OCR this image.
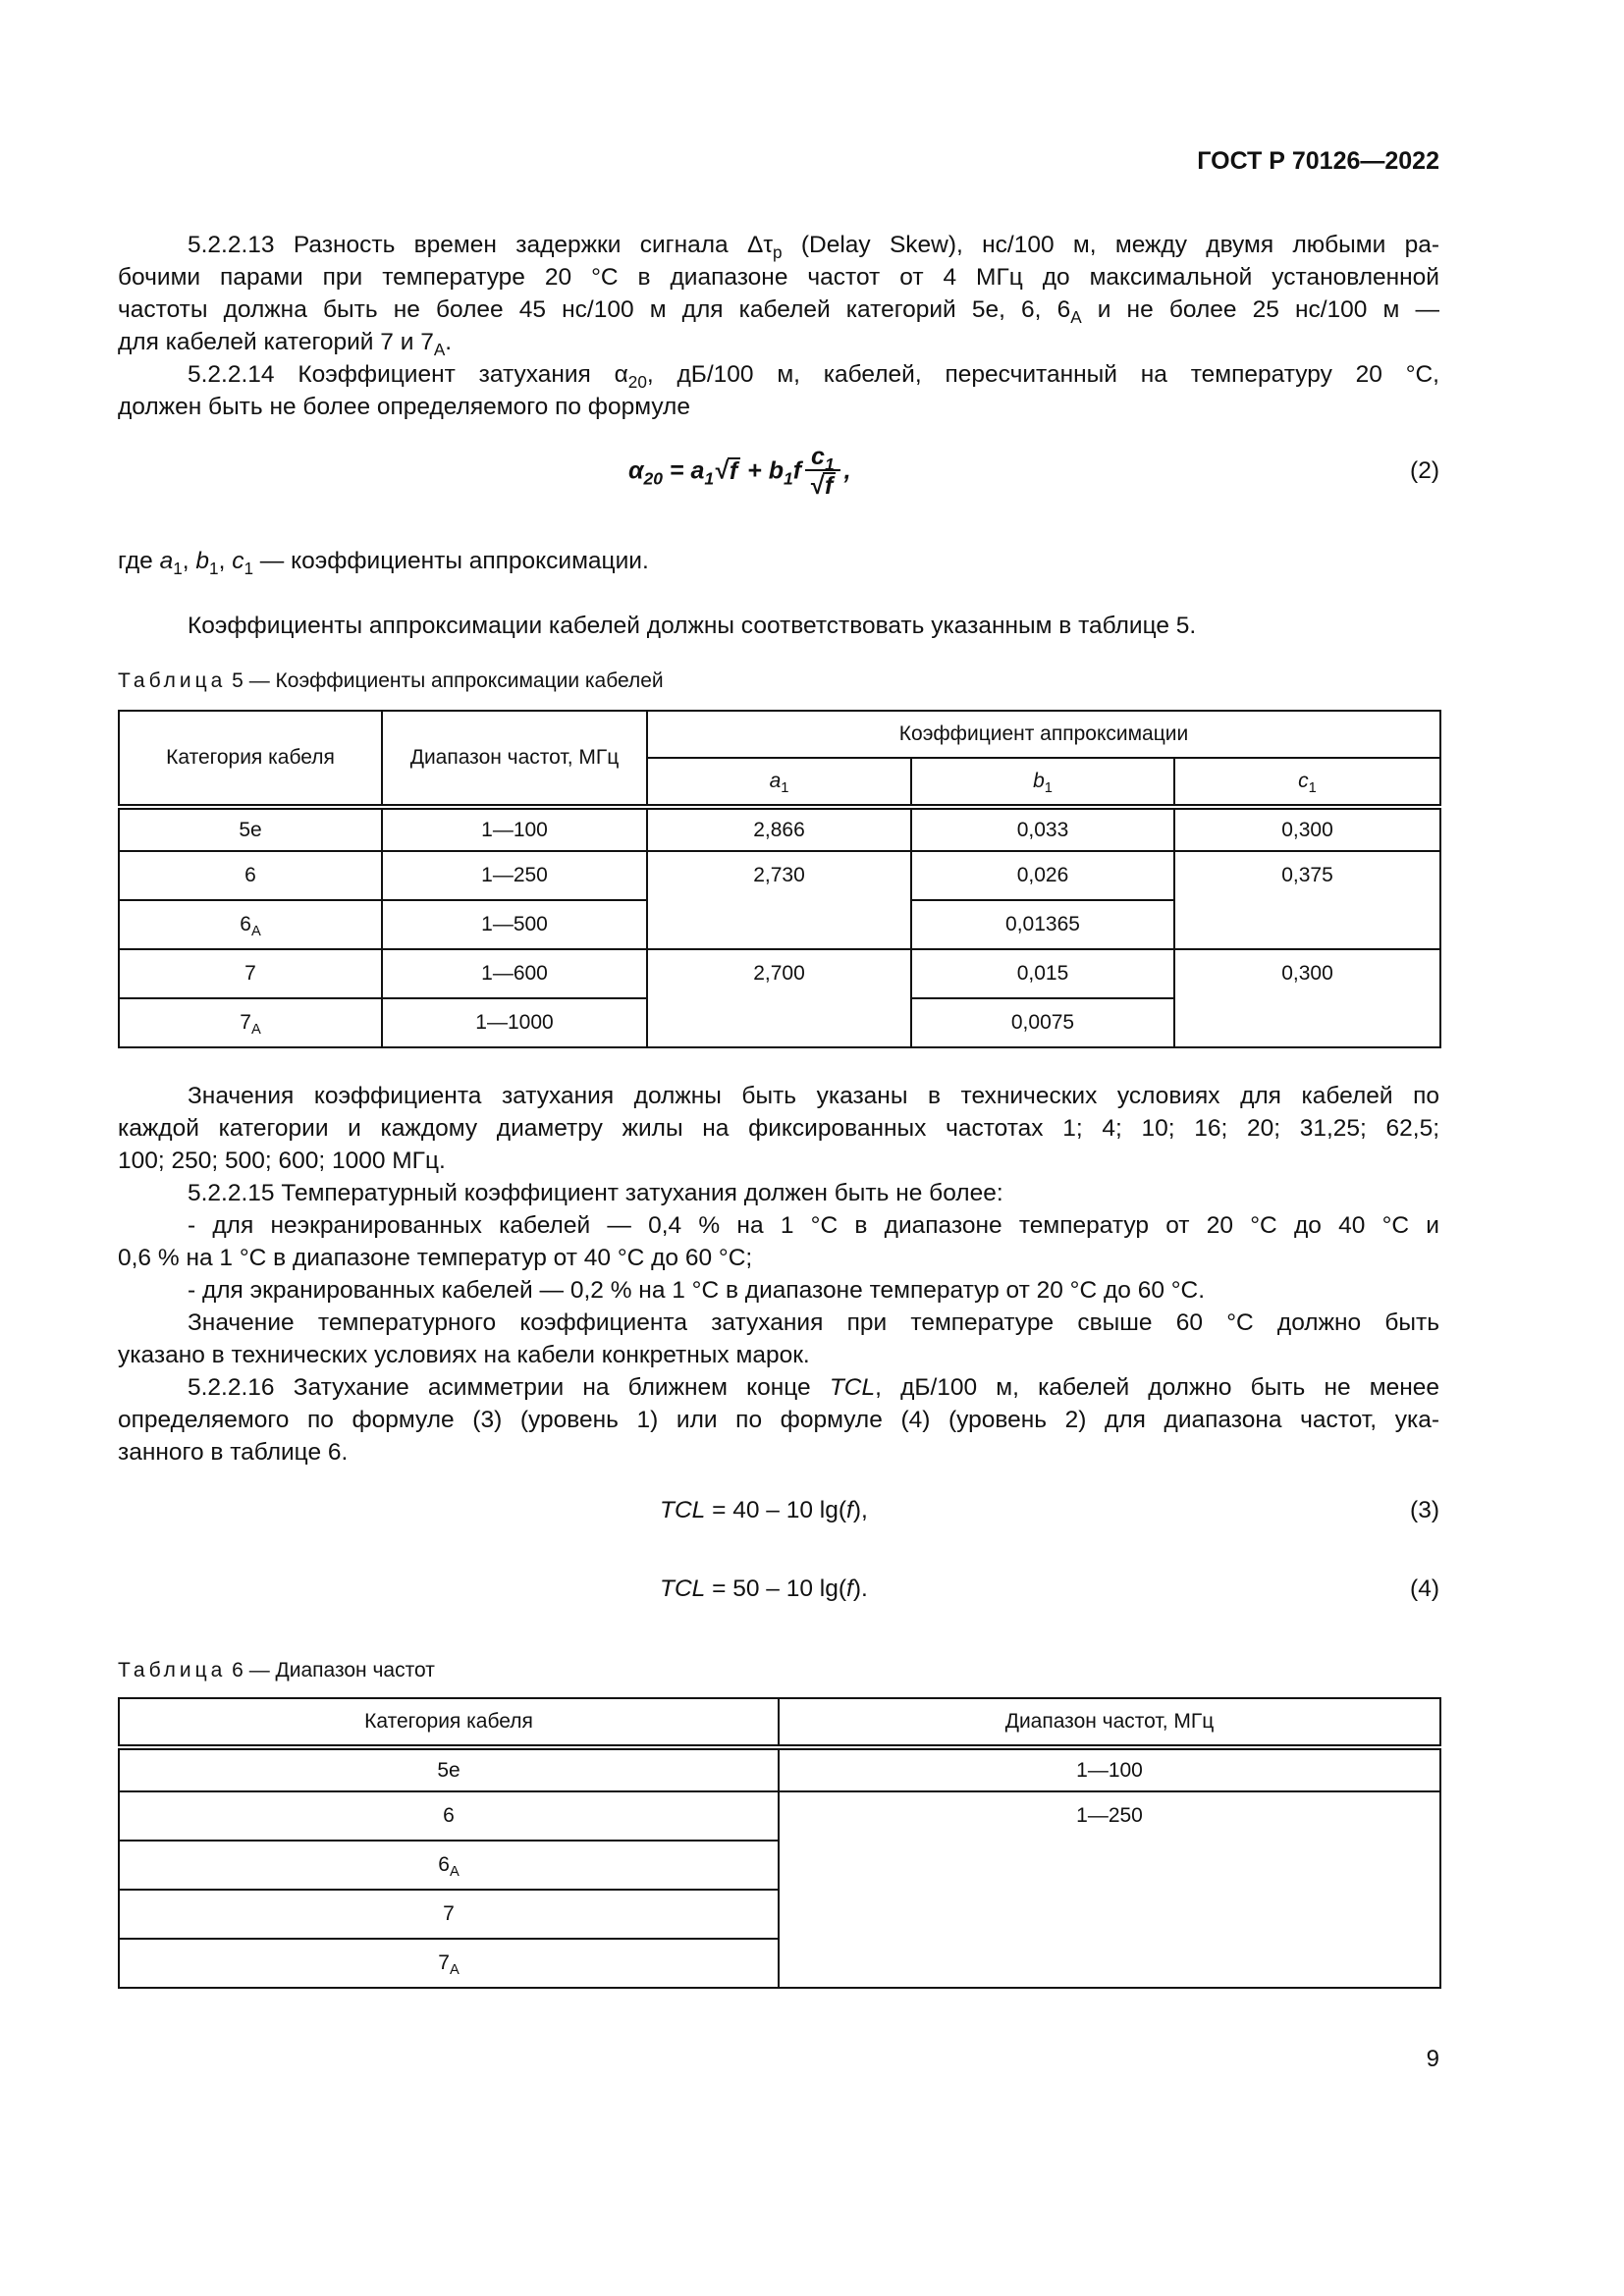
ГОСТ Р 70126—2022
5.2.2.13 Разность времен задержки сигнала $\Delta\tau_р$ (Delay Skew), нс/100 м, между двумя любыми ра-
бочими парами при температуре 20 °С в диапазоне частот от 4 МГц до максимальной установленной
частоты должна быть не более 45 нс/100 м для кабелей категорий 5е, 6, $6_A$ и не более 25 нс/100 м —
для кабелей категорий 7 и $7_A$.
5.2.2.14 Коэффициент затухания $\alpha_{20}$, дБ/100 м, кабелей, пересчитанный на температуру 20 °С,
должен быть не более определяемого по формуле
$\alpha_{20} = a_1√f + b_1f \frac{c_1}{√f}$ ,	(2)
где $a_1$, $b_1$, $c_1$ — коэффициенты аппроксимации.
Коэффициенты аппроксимации кабелей должны соответствовать указанным в таблице 5.
Таблица 5 — Коэффициенты аппроксимации кабелей
Категория кабеля	Диапазон частот, МГц	Коэффициент аппроксимации		
		$a_1$	$b_1$	$c_1$
5e	1—100	2,866	0,033	0,300
6	1—250	2,730	0,026	0,375
$6_A$	1—500		0,01365	
7	1—600	2,700	0,015	0,300
$7_A$	1—1000		0,0075	
Значения коэффициента затухания должны быть указаны в технических условиях для кабелей по
каждой категории и каждому диаметру жилы на фиксированных частотах 1; 4; 10; 16; 20; 31,25; 62,5;
100; 250; 500; 600; 1000 МГц.
5.2.2.15 Температурный коэффициент затухания должен быть не более:
- для неэкранированных кабелей — 0,4 % на 1 °С в диапазоне температур от 20 °С до 40 °С и
0,6 % на 1 °С в диапазоне температур от 40 °С до 60 °С;
- для экранированных кабелей — 0,2 % на 1 °С в диапазоне температур от 20 °С до 60 °С.
Значение температурного коэффициента затухания при температуре свыше 60 °С должно быть
указано в технических условиях на кабели конкретных марок.
5.2.2.16 Затухание асимметрии на ближнем конце TCL, дБ/100 м, кабелей должно быть не менее
определяемого по формуле (3) (уровень 1) или по формуле (4) (уровень 2) для диапазона частот, ука-
занного в таблице 6.
TCL = 40 – 10 lg(f),	(3)
TCL = 50 – 10 lg(f).	(4)
Таблица 6 — Диапазон частот
Категория кабеля	Диапазон частот, МГц
5e	1—100
6	1—250
$6_A$
7	
$7_A$
9
